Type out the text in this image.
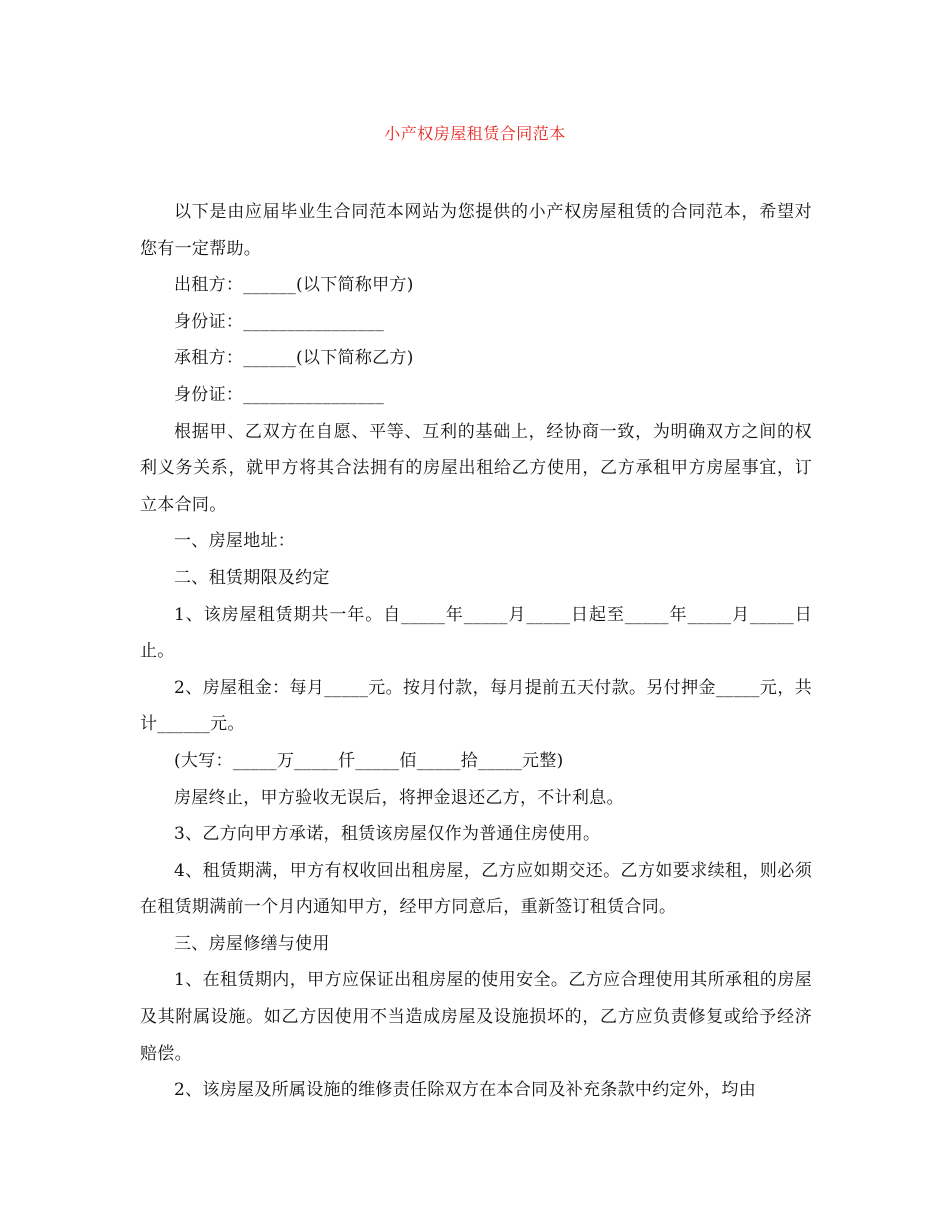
小产权房屋租赁合同范本

以下是由应届毕业生合同范本网站为您提供的小产权房屋租赁的合同范本，希望对您有一定帮助。

出租方：______(以下简称甲方)

身份证：________________

承租方：______(以下简称乙方)

身份证：________________

根据甲、乙双方在自愿、平等、互利的基础上，经协商一致，为明确双方之间的权利义务关系，就甲方将其合法拥有的房屋出租给乙方使用，乙方承租甲方房屋事宜，订立本合同。

一、房屋地址：

二、租赁期限及约定

1、该房屋租赁期共一年。自_____年_____月_____日起至_____年_____月_____日止。

2、房屋租金：每月_____元。按月付款，每月提前五天付款。另付押金_____元，共计______元。

(大写：_____万_____仟_____佰_____拾_____元整)

房屋终止，甲方验收无误后，将押金退还乙方，不计利息。

3、乙方向甲方承诺，租赁该房屋仅作为普通住房使用。

4、租赁期满，甲方有权收回出租房屋，乙方应如期交还。乙方如要求续租，则必须在租赁期满前一个月内通知甲方，经甲方同意后，重新签订租赁合同。

三、房屋修缮与使用

1、在租赁期内，甲方应保证出租房屋的使用安全。乙方应合理使用其所承租的房屋及其附属设施。如乙方因使用不当造成房屋及设施损坏的，乙方应负责修复或给予经济赔偿。

2、该房屋及所属设施的维修责任除双方在本合同及补充条款中约定外，均由
